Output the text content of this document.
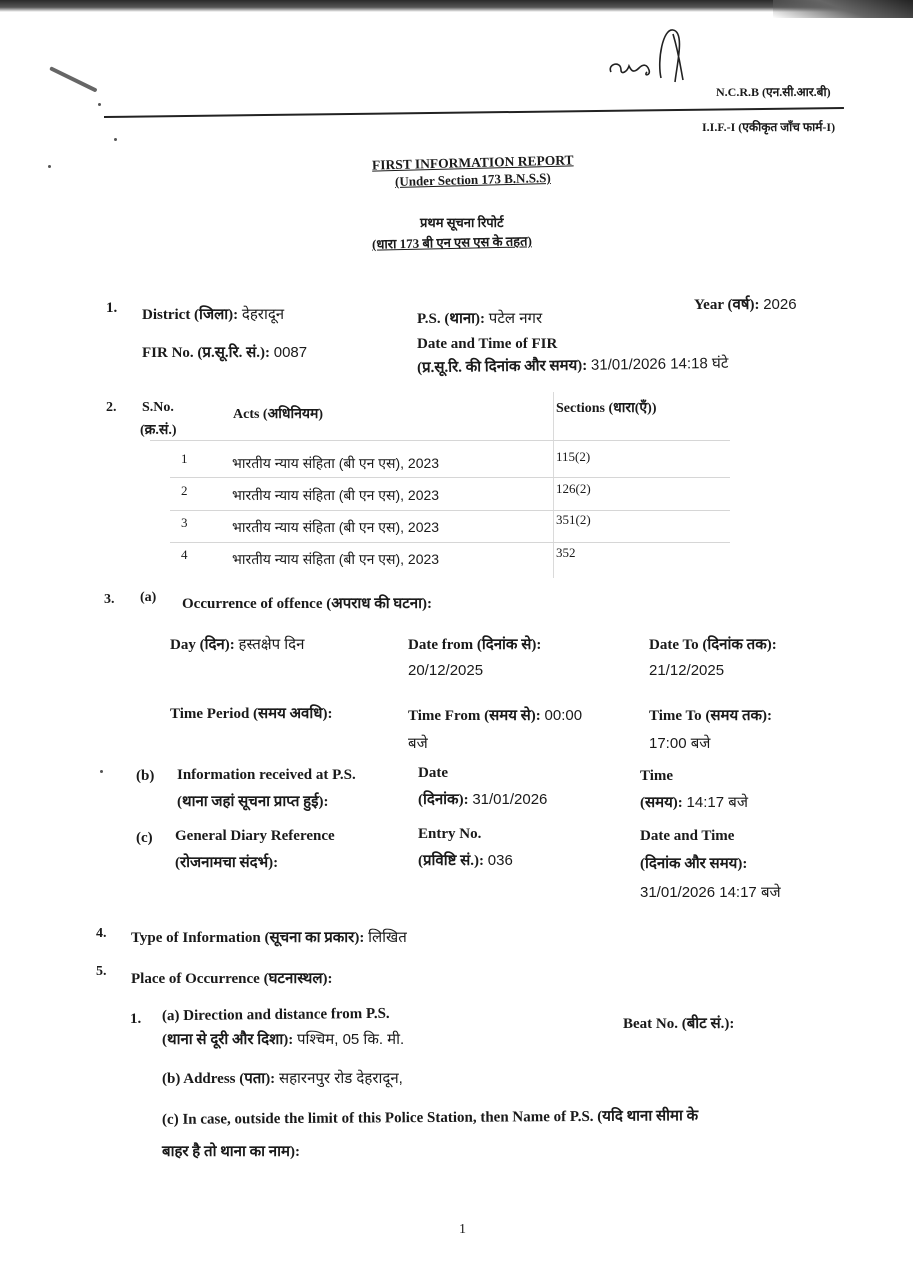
N.C.R.B (एन.सी.आर.बी)
I.I.F.-I (एकीकृत जाँच फार्म-I)
FIRST INFORMATION REPORT
(Under Section 173 B.N.S.S)
प्रथम सूचना रिपोर्ट
(धारा 173 बी एन एस एस के तहत)
1. District (जिला): देहरादून	P.S. (थाना): पटेल नगर
Year (वर्ष): 2026
FIR No. (प्र.सू.रि. सं.): 0087	Date and Time of FIR
(प्र.सू.रि. की दिनांक और समय): 31/01/2026 14:18 घंटे
2. S.No.
(क्र.सं.)
Acts (अधिनियम)	Sections (धारा(एँ))
1	भारतीय न्याय संहिता (बी एन एस), 2023	115(2)
2	भारतीय न्याय संहिता (बी एन एस), 2023	126(2)
3	भारतीय न्याय संहिता (बी एन एस), 2023	351(2)
4	भारतीय न्याय संहिता (बी एन एस), 2023	352
3. (a) Occurrence of offence (अपराध की घटना):
Day (दिन): हस्तक्षेप दिन	Date from (दिनांक से):
20/12/2025
Date To (दिनांक तक):
21/12/2025
Time Period (समय अवधि):	Time From (समय से): 00:00
बजे
Time To (समय तक):
17:00 बजे
(b) Information received at P.S.
(थाना जहां सूचना प्राप्त हुई):
Date
(दिनांक): 31/01/2026
Time
(समय): 14:17 बजे
(c) General Diary Reference
(रोजनामचा संदर्भ):
Entry No.
(प्रविष्टि सं.): 036
Date and Time
(दिनांक और समय):
31/01/2026 14:17 बजे
4. Type of Information (सूचना का प्रकार): लिखित
5. Place of Occurrence (घटनास्थल):
1. (a) Direction and distance from P.S.
(थाना से दूरी और दिशा): पश्चिम, 05 कि. मी.
Beat No. (बीट सं.):
(b) Address (पता): सहारनपुर रोड देहरादून,
(c) In case, outside the limit of this Police Station, then Name of P.S. (यदि थाना सीमा के
बाहर है तो थाना का नाम):
1
